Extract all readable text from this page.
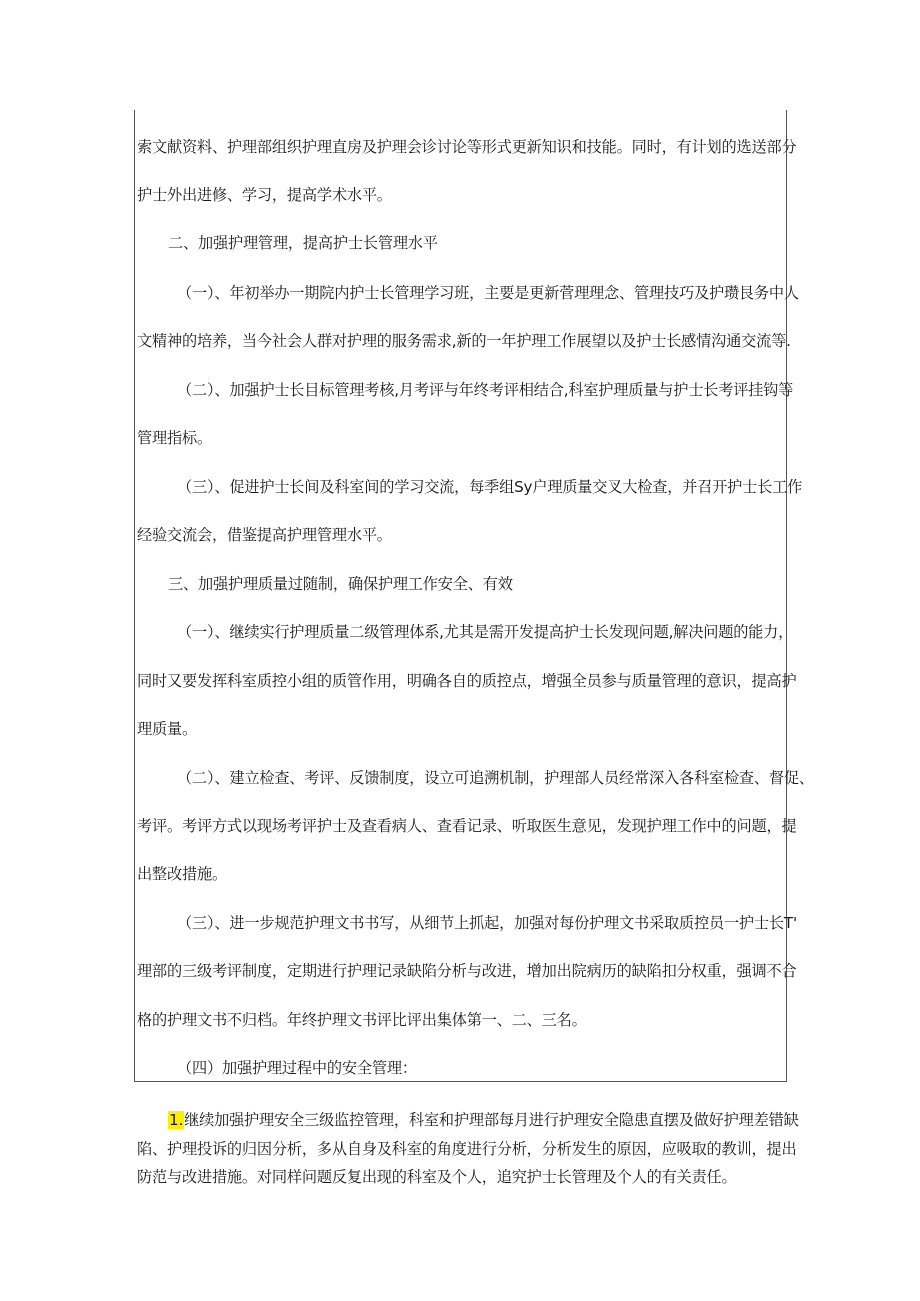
索文献资料、护理部组织护理直房及护理会诊讨论等形式更新知识和技能。同时，有计划的选送部分
护士外出进修、学习，提高学术水平。
二、加强护理管理，提高护士长管理水平
（一）、年初举办一期院内护士长管理学习班，主要是更新菅理理念、管理技巧及护瓒艮务中人
文精神的培养，当今社会人群对护理的服务需求,新的一年护理工作展望以及护士长感情沟通交流等.
（二）、加强护士长目标管理考核,月考评与年终考评相结合,科室护理质量与护士长考评挂钩等
管理指标。
（三）、促进护士长间及科室间的学习交流，每季组Sy户理质量交叉大检查，并召开护士长工作
经验交流会，借鉴提高护理管理水平。
三、加强护理质量过随制，确保护理工作安全、有效
（一）、继续实行护理质量二级管理体系,尤其是需开发提高护士长发现问题,解决问题的能力，
同时又要发挥科室质控小组的质管作用，明确各自的质控点，增强全员参与质量管理的意识，提高护
理质量。
（二）、建立检查、考评、反馈制度，设立可追溯机制，护理部人员经常深入各科室检查、督促、
考评。考评方式以现场考评护士及查看病人、查看记录、听取医生意见，发现护理工作中的问题，提
出整改措施。
（三）、进一步规范护理文书书写，从细节上抓起，加强对每份护理文书采取质控员一护士长T'
理部的三级考评制度，定期进行护理记录缺陷分析与改进，增加出院病历的缺陷扣分权重，强调不合
格的护理文书不归档。年终护理文书评比评出集体第一、二、三名。
（四）加强护理过程中的安全管理：
1.继续加强护理安全三级监控管理，科室和护理部每月进行护理安全隐患直摆及做好护理差错缺
陷、护理投诉的归因分析，多从自身及科室的角度进行分析，分析发生的原因，应吸取的教训，提出
防范与改进措施。对同样问题反复出现的科室及个人，追究护士长管理及个人的有关责任。
